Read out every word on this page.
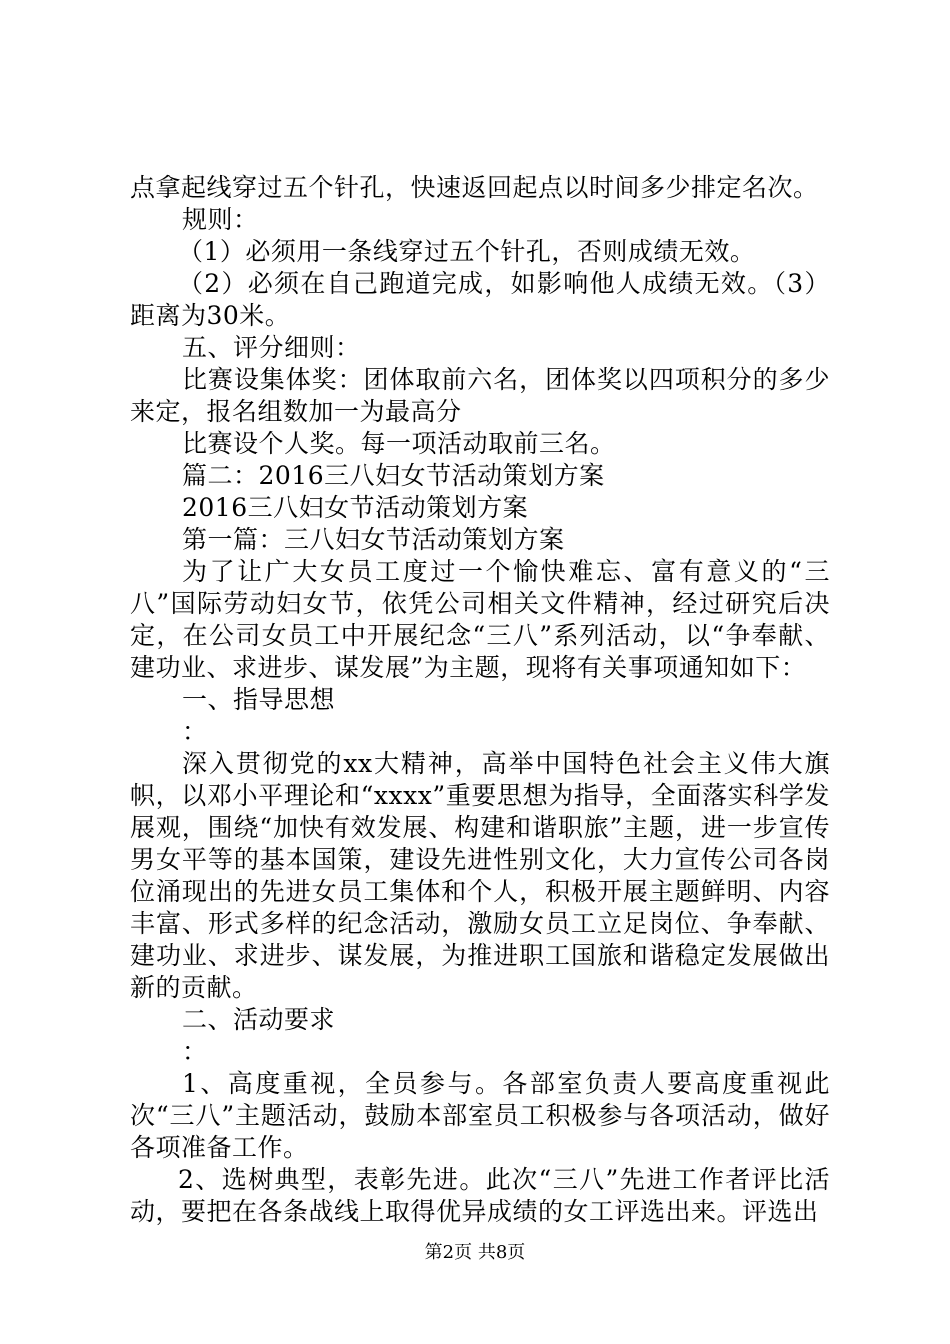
点拿起线穿过五个针孔，快速返回起点以时间多少排定名次。

规则：

（1）必须用一条线穿过五个针孔，否则成绩无效。

（2）必须在自己跑道完成，如影响他人成绩无效。（3）距离为30米。

五、评分细则：

比赛设集体奖：团体取前六名，团体奖以四项积分的多少来定，报名组数加一为最高分

比赛设个人奖。每一项活动取前三名。

篇二：2016三八妇女节活动策划方案

2016三八妇女节活动策划方案

第一篇：三八妇女节活动策划方案

为了让广大女员工度过一个愉快难忘、富有意义的“三八”国际劳动妇女节，依凭公司相关文件精神，经过研究后决定，在公司女员工中开展纪念“三八”系列活动，以“争奉献、建功业、求进步、谋发展”为主题，现将有关事项通知如下：

一、指导思想

：

深入贯彻党的xx大精神，高举中国特色社会主义伟大旗帜，以邓小平理论和“xxxx”重要思想为指导，全面落实科学发展观，围绕“加快有效发展、构建和谐职旅”主题，进一步宣传男女平等的基本国策，建设先进性别文化，大力宣传公司各岗位涌现出的先进女员工集体和个人，积极开展主题鲜明、内容丰富、形式多样的纪念活动，激励女员工立足岗位、争奉献、建功业、求进步、谋发展，为推进职工国旅和谐稳定发展做出新的贡献。

二、活动要求

：

1、高度重视，全员参与。各部室负责人要高度重视此次“三八”主题活动，鼓励本部室员工积极参与各项活动，做好各项准备工作。

2、选树典型，表彰先进。此次“三八”先进工作者评比活动，要把在各条战线上取得优异成绩的女工评选出来。评选出

第2页 共8页
